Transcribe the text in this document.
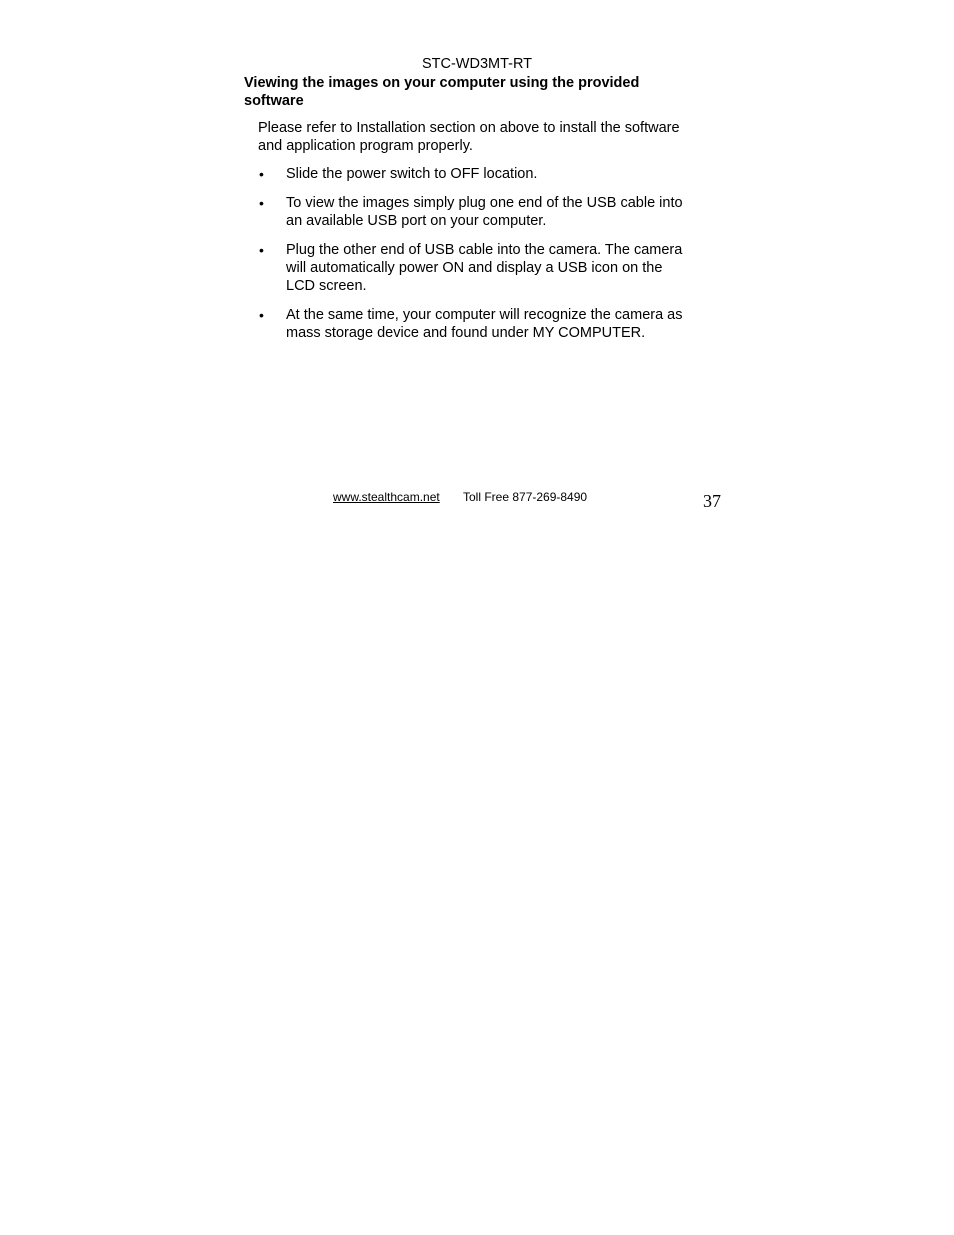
STC-WD3MT-RT
Viewing the images on your computer using the provided
software
Please refer to Installation section on above to install the software
and application program properly.
•	Slide the power switch to OFF location.
•	To view the images simply plug one end of the USB cable into
an available USB port on your computer.
•	Plug the other end of USB cable into the camera. The camera
will automatically power ON and display a USB icon on the
LCD screen.
•	At the same time, your computer will recognize the camera as
mass storage device and found under MY COMPUTER.
www.stealthcam.net Toll Free 877-269-8490	37
